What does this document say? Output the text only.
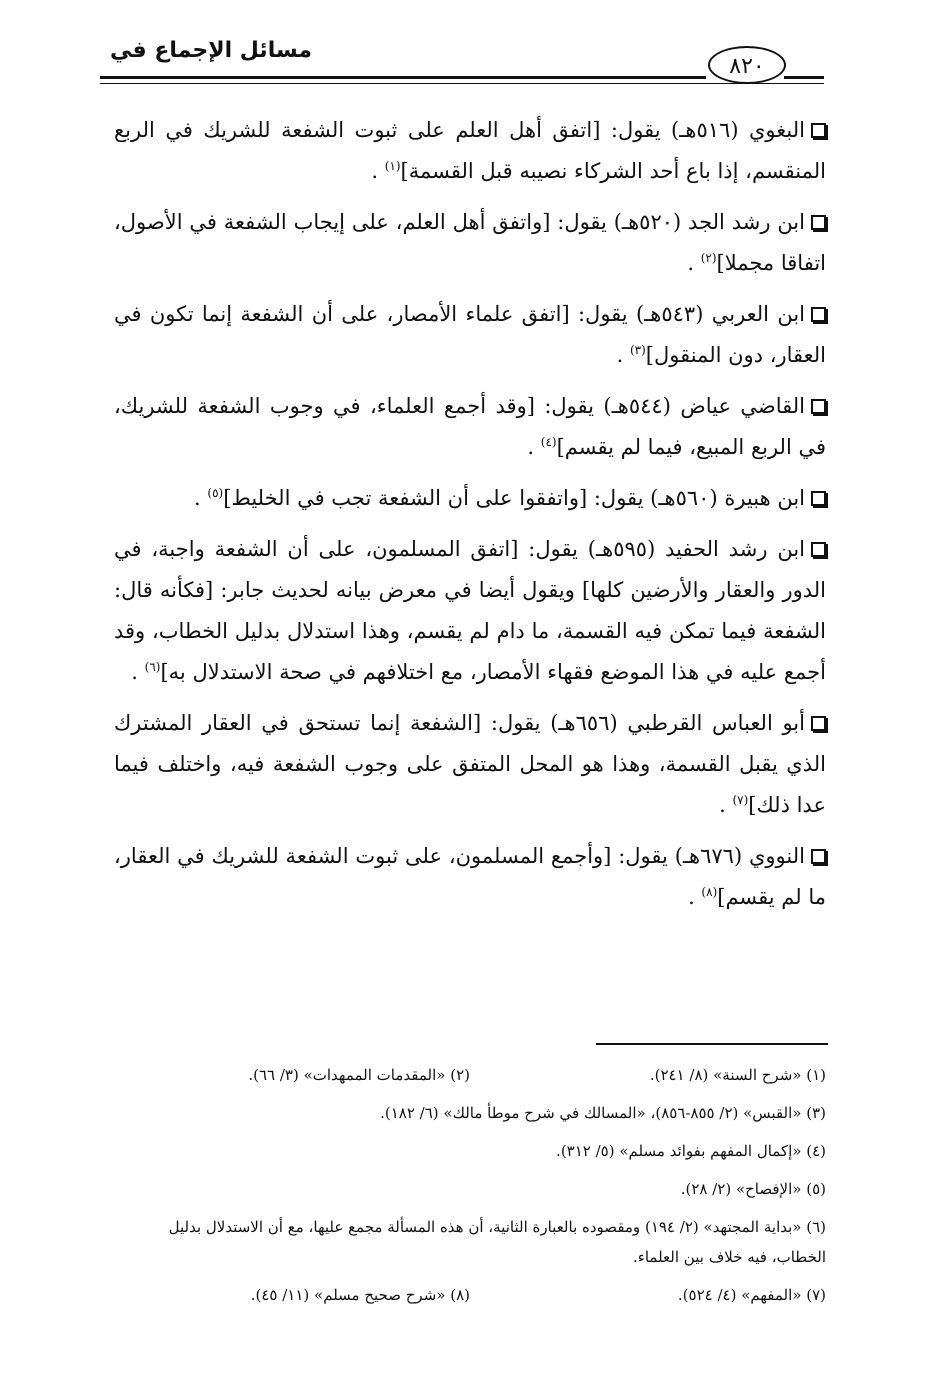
مسائل الإجماع في
٨٢٠

البغوي (٥١٦هـ) يقول: [اتفق أهل العلم على ثبوت الشفعة للشريك في الربع المنقسم، إذا باع أحد الشركاء نصيبه قبل القسمة]$^{(١)}$ .

ابن رشد الجد (٥٢٠هـ) يقول: [واتفق أهل العلم، على إيجاب الشفعة في الأصول، اتفاقا مجملا]$^{(٢)}$ .

ابن العربي (٥٤٣هـ) يقول: [اتفق علماء الأمصار، على أن الشفعة إنما تكون في العقار، دون المنقول]$^{(٣)}$ .

القاضي عياض (٥٤٤هـ) يقول: [وقد أجمع العلماء، في وجوب الشفعة للشريك، في الربع المبيع، فيما لم يقسم]$^{(٤)}$ .

ابن هبيرة (٥٦٠هـ) يقول: [واتفقوا على أن الشفعة تجب في الخليط]$^{(٥)}$ .

ابن رشد الحفيد (٥٩٥هـ) يقول: [اتفق المسلمون، على أن الشفعة واجبة، في الدور والعقار والأرضين كلها] ويقول أيضا في معرض بيانه لحديث جابر: [فكأنه قال: الشفعة فيما تمكن فيه القسمة، ما دام لم يقسم، وهذا استدلال بدليل الخطاب، وقد أجمع عليه في هذا الموضع فقهاء الأمصار، مع اختلافهم في صحة الاستدلال به]$^{(٦)}$ .

أبو العباس القرطبي (٦٥٦هـ) يقول: [الشفعة إنما تستحق في العقار المشترك الذي يقبل القسمة، وهذا هو المحل المتفق على وجوب الشفعة فيه، واختلف فيما عدا ذلك]$^{(٧)}$ .

النووي (٦٧٦هـ) يقول: [وأجمع المسلمون، على ثبوت الشفعة للشريك في العقار، ما لم يقسم]$^{(٨)}$ .

(١) «شرح السنة» (٨/ ٢٤١).
(٢) «المقدمات الممهدات» (٣/ ٦٦).
(٣) «القبس» (٢/ ٨٥٥-٨٥٦)، «المسالك في شرح موطأ مالك» (٦/ ١٨٢).
(٤) «إكمال المفهم بفوائد مسلم» (٥/ ٣١٢).
(٥) «الإفصاح» (٢/ ٢٨).
(٦) «بداية المجتهد» (٢/ ١٩٤) ومقصوده بالعبارة الثانية، أن هذه المسألة مجمع عليها، مع أن الاستدلال بدليل الخطاب، فيه خلاف بين العلماء.
(٧) «المفهم» (٤/ ٥٢٤).
(٨) «شرح صحيح مسلم» (١١/ ٤٥).
